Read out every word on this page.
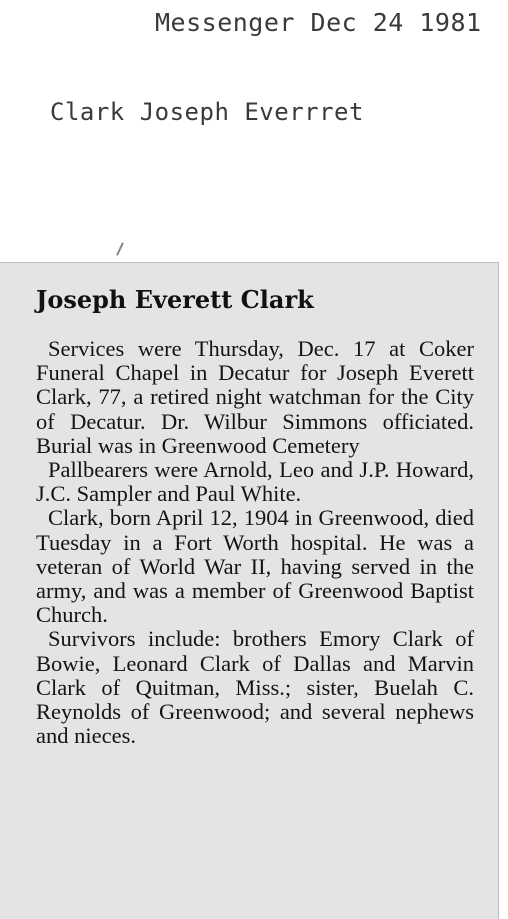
Messenger Dec 24 1981
Clark Joseph Everrret
Joseph Everett Clark

Services were Thursday, Dec. 17 at Coker Funeral Chapel in Decatur for Joseph Everett Clark, 77, a retired night watchman for the City of Decatur. Dr. Wilbur Simmons officiated. Burial was in Greenwood Cemetery

Pallbearers were Arnold, Leo and J.P. Howard, J.C. Sampler and Paul White.

Clark, born April 12, 1904 in Greenwood, died Tuesday in a Fort Worth hospital. He was a veteran of World War II, having served in the army, and was a member of Greenwood Baptist Church.

Survivors include: brothers Emory Clark of Bowie, Leonard Clark of Dallas and Marvin Clark of Quitman, Miss.; sister, Buelah C. Reynolds of Greenwood; and several nephews and nieces.
